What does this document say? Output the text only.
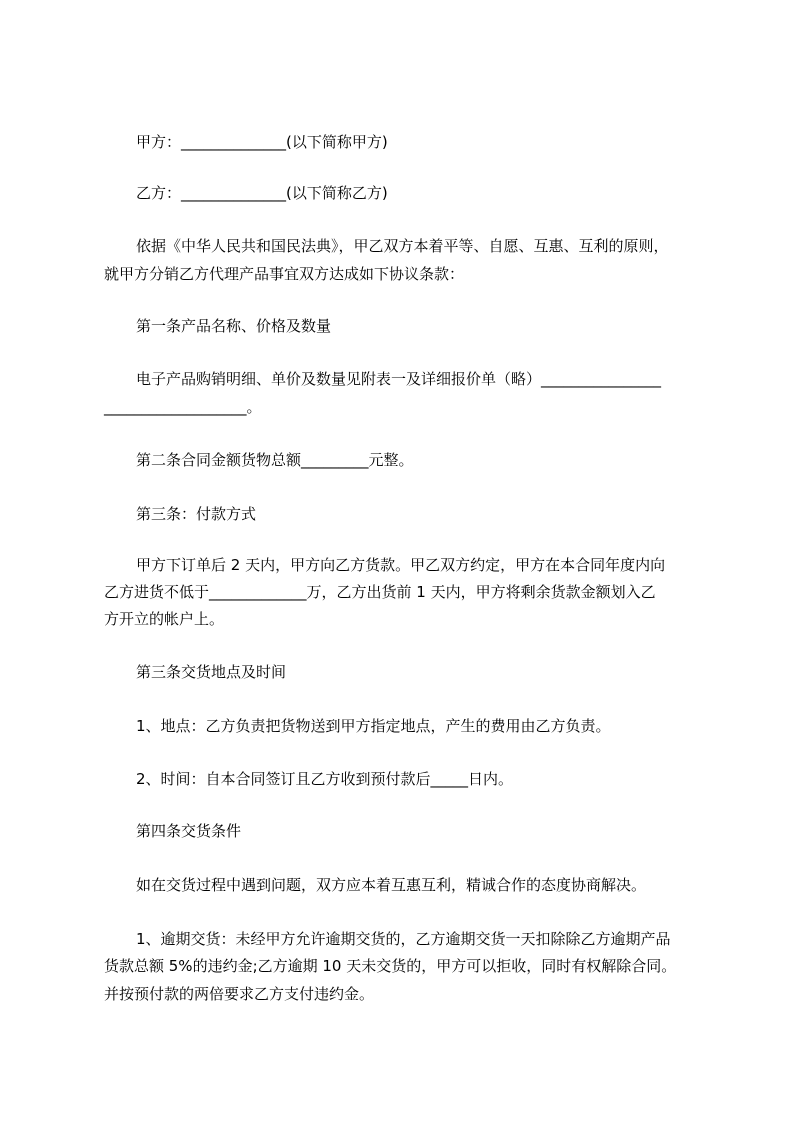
甲方：______________(以下简称甲方)
乙方：______________(以下简称乙方)
依据《中华人民共和国民法典》，甲乙双方本着平等、自愿、互惠、互利的原则，
就甲方分销乙方代理产品事宜双方达成如下协议条款：
第一条产品名称、价格及数量
电子产品购销明细、单价及数量见附表一及详细报价单（略）________________
___________________。
第二条合同金额货物总额_________元整。
第三条：付款方式
甲方下订单后 2 天内，甲方向乙方货款。甲乙双方约定，甲方在本合同年度内向
乙方进货不低于_____________万，乙方出货前 1 天内，甲方将剩余货款金额划入乙
方开立的帐户上。
第三条交货地点及时间
1、地点：乙方负责把货物送到甲方指定地点，产生的费用由乙方负责。
2、时间：自本合同签订且乙方收到预付款后_____日内。
第四条交货条件
如在交货过程中遇到问题，双方应本着互惠互利，精诚合作的态度协商解决。
1、逾期交货：未经甲方允许逾期交货的，乙方逾期交货一天扣除除乙方逾期产品
货款总额 5%的违约金;乙方逾期 10 天未交货的，甲方可以拒收，同时有权解除合同。
并按预付款的两倍要求乙方支付违约金。
